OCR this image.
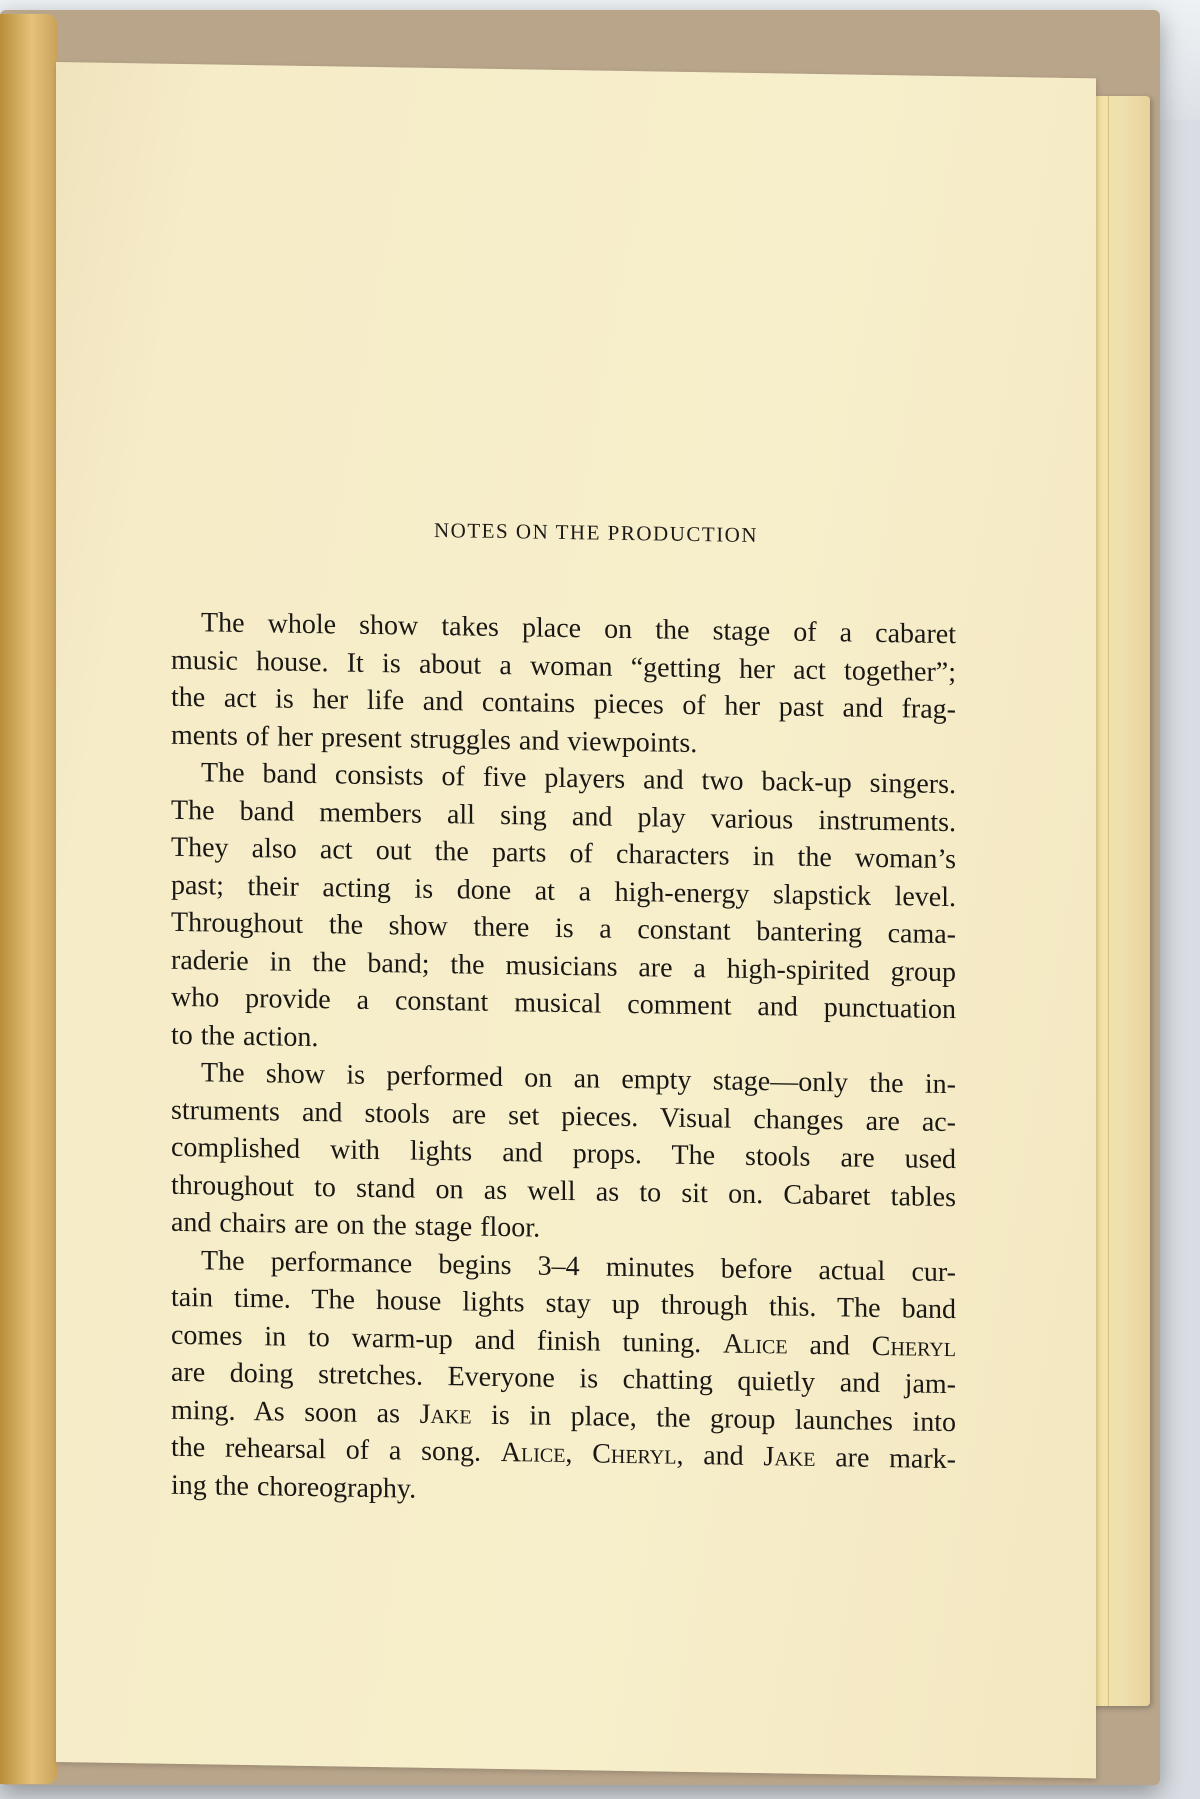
NOTES ON THE PRODUCTION

The whole show takes place on the stage of a cabaret
music house. It is about a woman “getting her act together”;
the act is her life and contains pieces of her past and frag-
ments of her present struggles and viewpoints.

The band consists of five players and two back-up singers.
The band members all sing and play various instruments.
They also act out the parts of characters in the woman’s
past; their acting is done at a high-energy slapstick level.
Throughout the show there is a constant bantering cama-
raderie in the band; the musicians are a high-spirited group
who provide a constant musical comment and punctuation
to the action.

The show is performed on an empty stage—only the in-
struments and stools are set pieces. Visual changes are ac-
complished with lights and props. The stools are used
throughout to stand on as well as to sit on. Cabaret tables
and chairs are on the stage floor.

The performance begins 3–4 minutes before actual cur-
tain time. The house lights stay up through this. The band
comes in to warm-up and finish tuning. Alice and Cheryl
are doing stretches. Everyone is chatting quietly and jam-
ming. As soon as Jake is in place, the group launches into
the rehearsal of a song. Alice, Cheryl, and Jake are mark-
ing the choreography.
